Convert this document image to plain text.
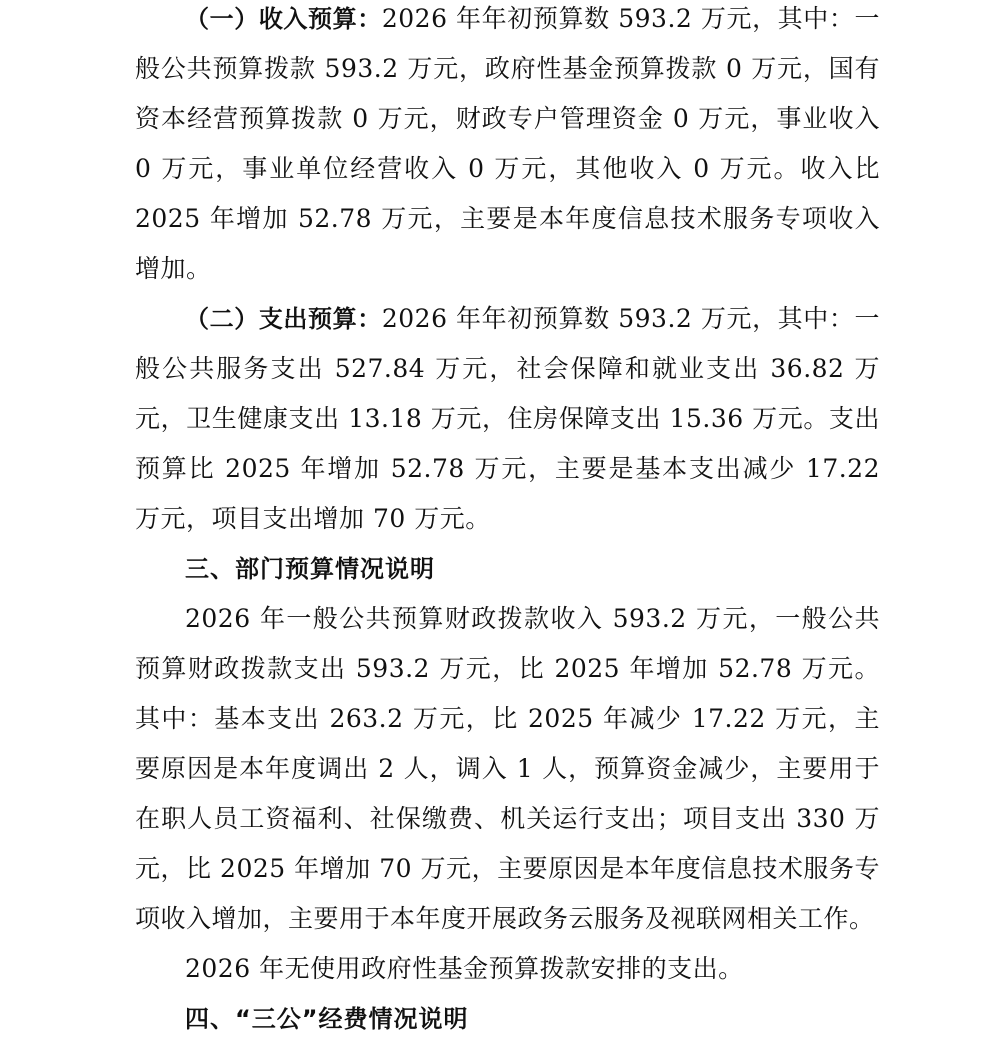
（一）收入预算：2026 年年初预算数 593.2 万元，其中：一般公共预算拨款 593.2 万元，政府性基金预算拨款 0 万元，国有资本经营预算拨款 0 万元，财政专户管理资金 0 万元，事业收入 0 万元，事业单位经营收入 0 万元，其他收入 0 万元。收入比 2025 年增加 52.78 万元，主要是本年度信息技术服务专项收入增加。

（二）支出预算：2026 年年初预算数 593.2 万元，其中：一般公共服务支出 527.84 万元，社会保障和就业支出 36.82 万元，卫生健康支出 13.18 万元，住房保障支出 15.36 万元。支出预算比 2025 年增加 52.78 万元，主要是基本支出减少 17.22 万元，项目支出增加 70 万元。

三、部门预算情况说明

2026 年一般公共预算财政拨款收入 593.2 万元，一般公共预算财政拨款支出 593.2 万元，比 2025 年增加 52.78 万元。其中：基本支出 263.2 万元，比 2025 年减少 17.22 万元，主要原因是本年度调出 2 人，调入 1 人，预算资金减少，主要用于在职人员工资福利、社保缴费、机关运行支出；项目支出 330 万元，比 2025 年增加 70 万元，主要原因是本年度信息技术服务专项收入增加，主要用于本年度开展政务云服务及视联网相关工作。

2026 年无使用政府性基金预算拨款安排的支出。

四、“三公”经费情况说明
